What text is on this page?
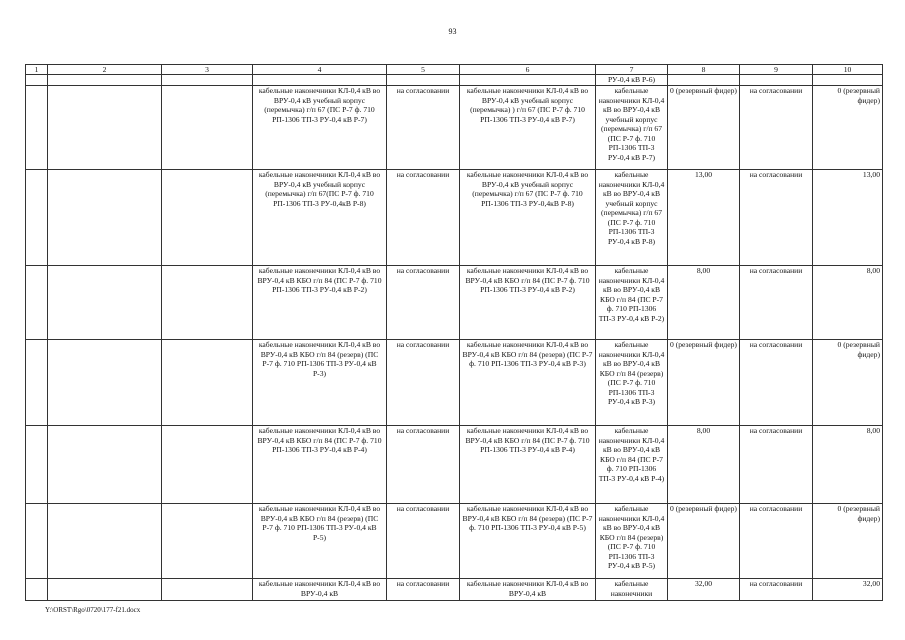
93
1	2	3	4	5	6	7	8	9	10
						РУ-0,4 кВ Р-6)			
			кабельные наконечники КЛ-0,4 кВ во ВРУ-0,4 кВ учебный корпус (перемычка) г/п 67 (ПС Р-7 ф. 710 РП-1306 ТП-3 РУ-0,4 кВ Р-7)	на согласовании	кабельные наконечники КЛ-0,4 кВ во ВРУ-0,4 кВ учебный корпус (перемычка) ) г/п 67 (ПС Р-7 ф. 710 РП-1306 ТП-3 РУ-0,4 кВ Р-7)	кабельные наконечники КЛ-0,4 кВ во ВРУ-0,4 кВ учебный корпус (перемычка) г/п 67 (ПС Р-7 ф. 710 РП-1306 ТП-3 РУ-0,4 кВ Р-7)	0 (резервный фидер)	на согласовании	0 (резервный фидер)
			кабельные наконечники КЛ-0,4 кВ во ВРУ-0,4 кВ учебный корпус (перемычка) г/п 67(ПС Р-7 ф. 710 РП-1306 ТП-3 РУ-0,4кВ Р-8)	на согласовании	кабельные наконечники КЛ-0,4 кВ во ВРУ-0,4 кВ учебный корпус (перемычка) г/п 67 (ПС Р-7 ф. 710 РП-1306 ТП-3 РУ-0,4кВ Р-8)	кабельные наконечники КЛ-0,4 кВ во ВРУ-0,4 кВ учебный корпус (перемычка) г/п 67 (ПС Р-7 ф. 710 РП-1306 ТП-3 РУ-0,4 кВ Р-8)	13,00	на согласовании	13,00
			кабельные наконечники КЛ-0,4 кВ во ВРУ-0,4 кВ КБО г/п 84 (ПС Р-7 ф. 710 РП-1306 ТП-3 РУ-0,4 кВ Р-2)	на согласовании	кабельные наконечники КЛ-0,4 кВ во ВРУ-0,4 кВ КБО г/п 84 (ПС Р-7 ф. 710 РП-1306 ТП-3 РУ-0,4 кВ Р-2)	кабельные наконечники КЛ-0,4 кВ во ВРУ-0,4 кВ КБО г/п 84 (ПС Р-7 ф. 710 РП-1306 ТП-3 РУ-0,4 кВ Р-2)	8,00	на согласовании	8,00
			кабельные наконечники КЛ-0,4 кВ во ВРУ-0,4 кВ КБО г/п 84 (резерв) (ПС Р-7 ф. 710 РП-1306 ТП-3 РУ-0,4 кВ Р-3)	на согласовании	кабельные наконечники КЛ-0,4 кВ во ВРУ-0,4 кВ КБО г/п 84 (резерв) (ПС Р-7 ф. 710 РП-1306 ТП-3 РУ-0,4 кВ Р-3)	кабельные наконечники КЛ-0,4 кВ во ВРУ-0,4 кВ КБО г/п 84 (резерв) (ПС Р-7 ф. 710 РП-1306 ТП-3 РУ-0,4 кВ Р-3)	0 (резервный фидер)	на согласовании	0 (резервный фидер)
			кабельные наконечники КЛ-0,4 кВ во ВРУ-0,4 кВ КБО г/п 84 (ПС Р-7 ф. 710 РП-1306 ТП-3 РУ-0,4 кВ Р-4)	на согласовании	кабельные наконечники КЛ-0,4 кВ во ВРУ-0,4 кВ КБО г/п 84 (ПС Р-7 ф. 710 РП-1306 ТП-3 РУ-0,4 кВ Р-4)	кабельные наконечники КЛ-0,4 кВ во ВРУ-0,4 кВ КБО г/п 84 (ПС Р-7 ф. 710 РП-1306 ТП-3 РУ-0,4 кВ Р-4)	8,00	на согласовании	8,00
			кабельные наконечники КЛ-0,4 кВ во ВРУ-0,4 кВ КБО г/п 84 (резерв) (ПС Р-7 ф. 710 РП-1306 ТП-3 РУ-0,4 кВ Р-5)	на согласовании	кабельные наконечники КЛ-0,4 кВ во ВРУ-0,4 кВ КБО г/п 84 (резерв) (ПС Р-7 ф. 710 РП-1306 ТП-3 РУ-0,4 кВ Р-5)	кабельные наконечники КЛ-0,4 кВ во ВРУ-0,4 кВ КБО г/п 84 (резерв) (ПС Р-7 ф. 710 РП-1306 ТП-3 РУ-0,4 кВ Р-5)	0 (резервный фидер)	на согласовании	0 (резервный фидер)
			кабельные наконечники КЛ-0,4 кВ во ВРУ-0,4 кВ	на согласовании	кабельные наконечники КЛ-0,4 кВ во ВРУ-0,4 кВ	кабельные наконечники	32,00	на согласовании	32,00
Y:\ORST\Rgo\0720\177-f21.docx
